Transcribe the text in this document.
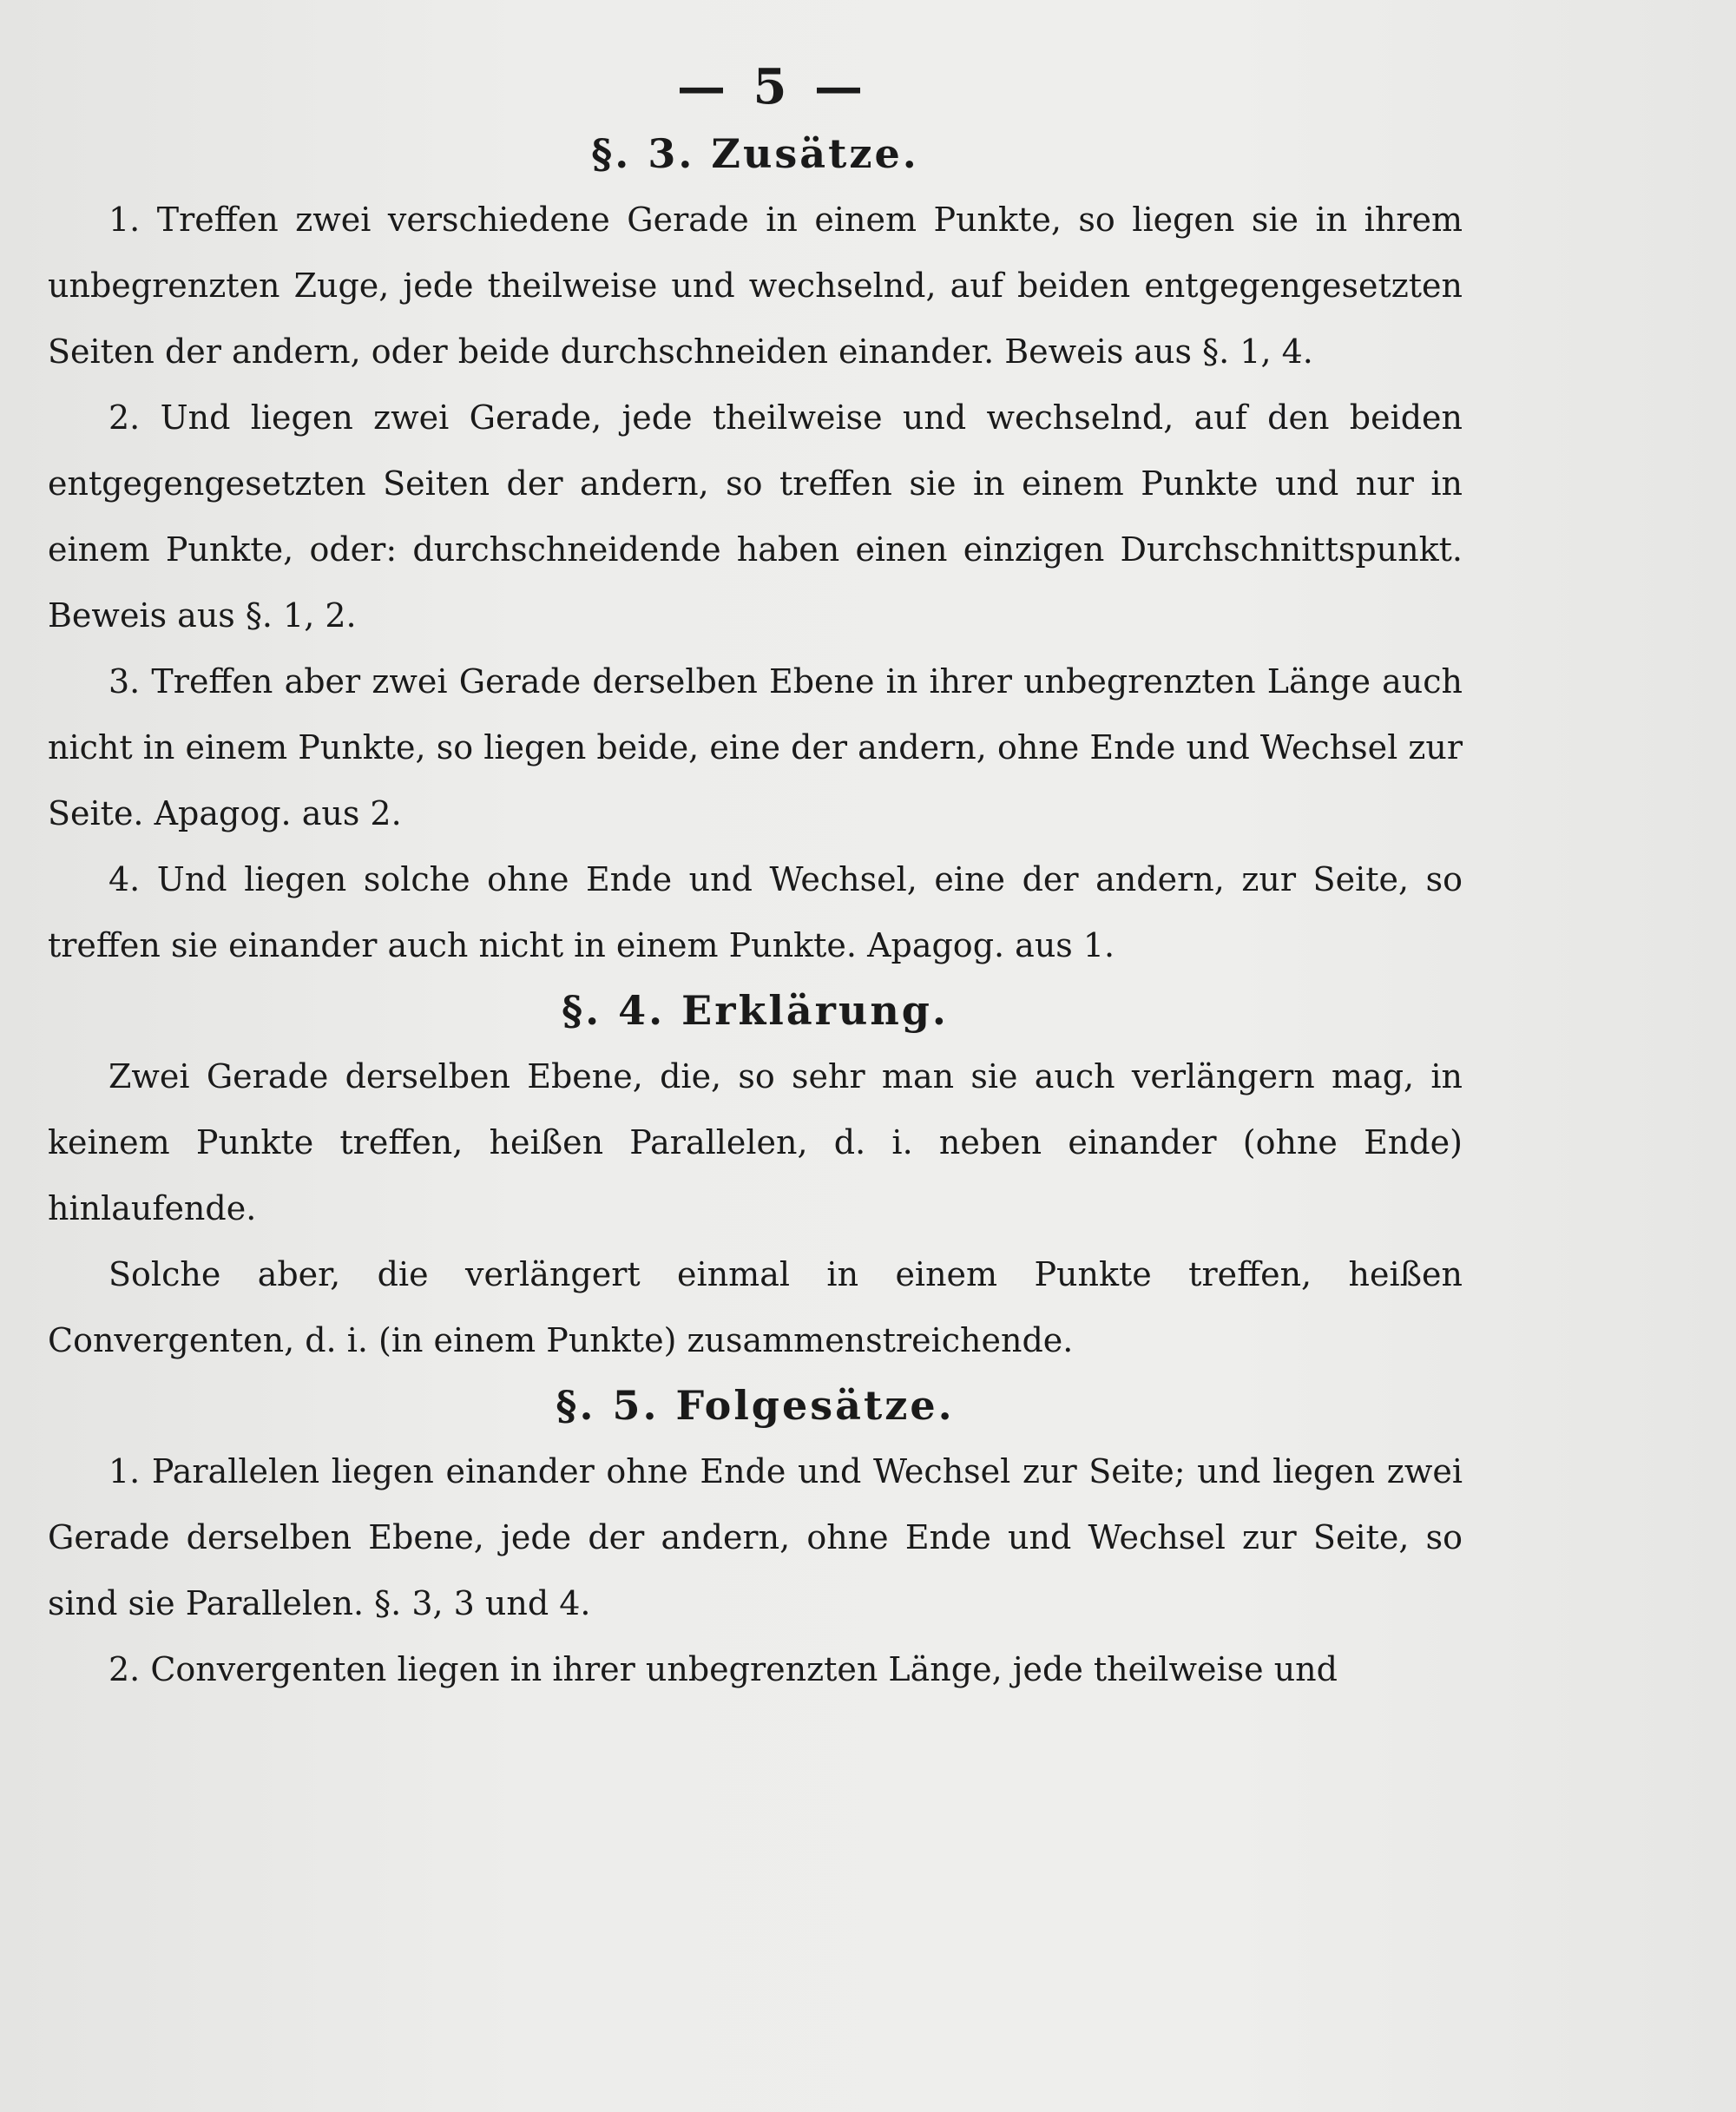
— 5 —
§. 3. Zusätze.

1. Treffen zwei verschiedene Gerade in einem Punkte, so liegen sie in ihrem unbegrenzten Zuge, jede theilweise und wechselnd, auf beiden entgegengesetzten Seiten der andern, oder beide durchschneiden einander. Beweis aus §. 1, 4.

2. Und liegen zwei Gerade, jede theilweise und wechselnd, auf den beiden entgegengesetzten Seiten der andern, so treffen sie in einem Punkte und nur in einem Punkte, oder: durchschneidende haben einen einzigen Durchschnittspunkt. Beweis aus §. 1, 2.

3. Treffen aber zwei Gerade derselben Ebene in ihrer unbegrenzten Länge auch nicht in einem Punkte, so liegen beide, eine der andern, ohne Ende und Wechsel zur Seite. Apagog. aus 2.

4. Und liegen solche ohne Ende und Wechsel, eine der andern, zur Seite, so treffen sie einander auch nicht in einem Punkte. Apagog. aus 1.

§. 4. Erklärung.

Zwei Gerade derselben Ebene, die, so sehr man sie auch verlängern mag, in keinem Punkte treffen, heißen Parallelen, d. i. neben einander (ohne Ende) hinlaufende.

Solche aber, die verlängert einmal in einem Punkte treffen, heißen Convergenten, d. i. (in einem Punkte) zusammenstreichende.

§. 5. Folgesätze.

1. Parallelen liegen einander ohne Ende und Wechsel zur Seite; und liegen zwei Gerade derselben Ebene, jede der andern, ohne Ende und Wechsel zur Seite, so sind sie Parallelen. §. 3, 3 und 4.

2. Convergenten liegen in ihrer unbegrenzten Länge, jede theilweise und
